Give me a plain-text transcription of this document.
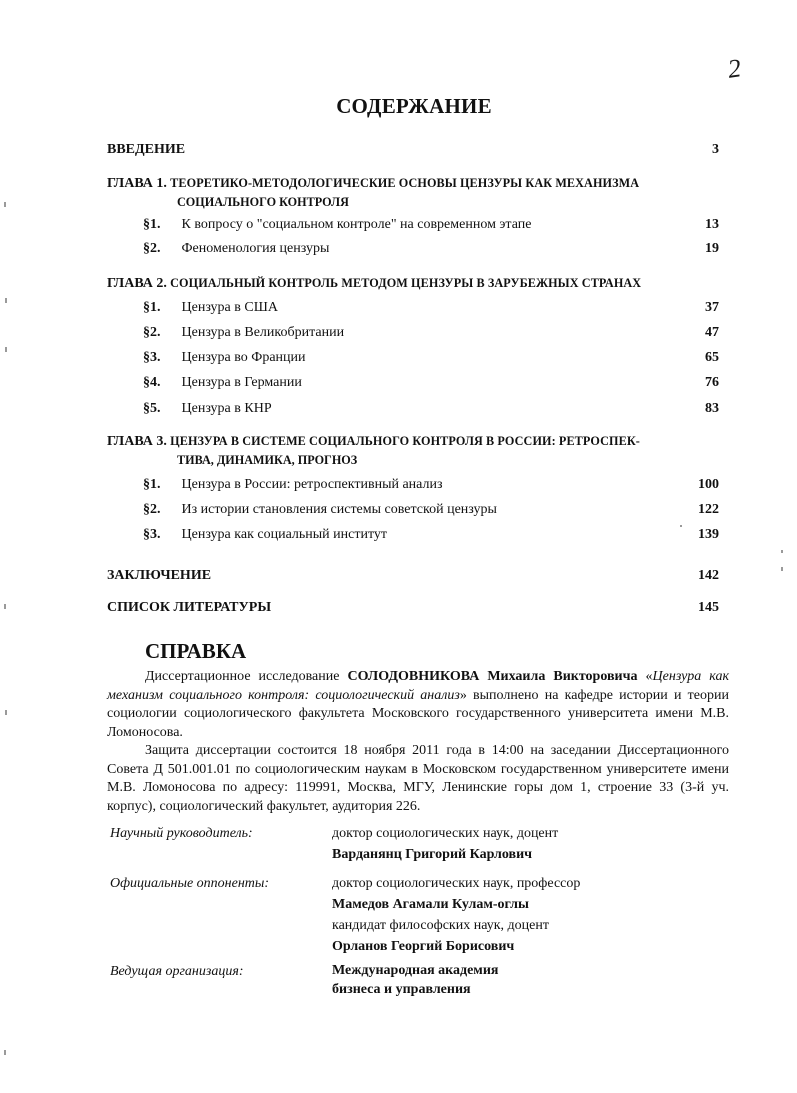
2
СОДЕРЖАНИЕ
ВВЕДЕНИЕ	3
ГЛАВА 1. ТЕОРЕТИКО-МЕТОДОЛОГИЧЕСКИЕ ОСНОВЫ ЦЕНЗУРЫ КАК МЕХАНИЗМА
СОЦИАЛЬНОГО КОНТРОЛЯ
§1. К вопросу о "социальном контроле" на современном этапе	13
§2. Феноменология цензуры	19
ГЛАВА 2. СОЦИАЛЬНЫЙ КОНТРОЛЬ МЕТОДОМ ЦЕНЗУРЫ В ЗАРУБЕЖНЫХ СТРАНАХ
§1. Цензура в США	37
§2. Цензура в Великобритании	47
§3. Цензура во Франции	65
§4. Цензура в Германии	76
§5. Цензура в КНР	83
ГЛАВА 3. ЦЕНЗУРА В СИСТЕМЕ СОЦИАЛЬНОГО КОНТРОЛЯ В РОССИИ: РЕТРОСПЕК-
ТИВА, ДИНАМИКА, ПРОГНОЗ
§1. Цензура в России: ретроспективный анализ	100
§2. Из истории становления системы советской цензуры	122
§3. Цензура как социальный институт	139
ЗАКЛЮЧЕНИЕ	142
СПИСОК ЛИТЕРАТУРЫ	145
СПРАВКА

Диссертационное исследование СОЛОДОВНИКОВА Михаила Викторовича «Цензура как механизм социального контроля: социологический анализ» выполнено на кафедре истории и теории социологии социологического факультета Московского государственного университета имени М.В. Ломоносова.

Защита диссертации состоится 18 ноября 2011 года в 14:00 на заседании Диссертационного Совета Д 501.001.01 по социологическим наукам в Московском государственном университете имени М.В. Ломоносова по адресу: 119991, Москва, МГУ, Ленинские горы дом 1, строение 33 (3-й уч. корпус), социологический факультет, аудитория 226.

Научный руководитель:	доктор социологических наук, доцент
Варданянц Григорий Карлович
Официальные оппоненты:	доктор социологических наук, профессор
Мамедов Агамали Кулам-оглы
кандидат философских наук, доцент
Орланов Георгий Борисович
Ведущая организация:	Международная академия
бизнеса и управления
